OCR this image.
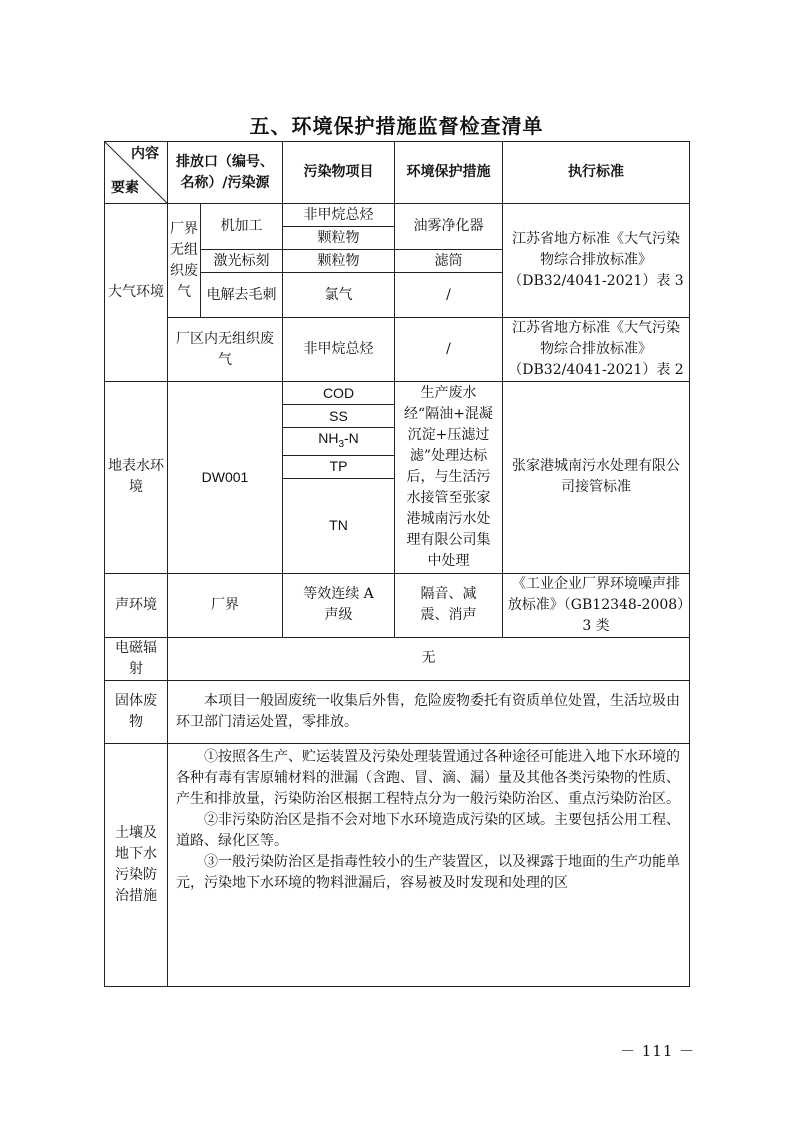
五、环境保护措施监督检查清单
内容
要素	排放口（编号、名称）/污染源		污染物项目	环境保护措施	执行标准
大气环境	厂界无组织废气	机加工	非甲烷总烃	油雾净化器	江苏省地方标准《大气污染物综合排放标准》（DB32/4041-2021）表 3
			颗粒物		
		激光标刻	颗粒物	滤筒	
		电解去毛刺	氯气	/	
	厂区内无组织废气		非甲烷总烃	/	江苏省地方标准《大气污染物综合排放标准》（DB32/4041-2021）表 2
地表水环境	DW001		COD	生产废水经“隔油+混凝沉淀+压滤过滤”处理达标后，与生活污水接管至张家港城南污水处理有限公司集中处理	张家港城南污水处理有限公司接管标准
			SS		
			$NH_3-N$		
			TP		
			TN		
声环境	厂界		等效连续 A 声级	隔音、减震、消声	《工业企业厂界环境噪声排放标准》（GB12348-2008）3 类
电磁辐射	无				
固体废物	本项目一般固废统一收集后外售，危险废物委托有资质单位处置，生活垃圾由环卫部门清运处置，零排放。				

土壤及地下水污染防治措施	①按照各生产、贮运装置及污染处理装置通过各种途径可能进入地下水环境的各种有毒有害原辅材料的泄漏（含跑、冒、滴、漏）量及其他各类污染物的性质、产生和排放量，污染防治区根据工程特点分为一般污染防治区、重点污染防治区。

②非污染防治区是指不会对地下水环境造成污染的区域。主要包括公用工程、道路、绿化区等。

③一般污染防治区是指毒性较小的生产装置区，以及裸露于地面的生产功能单元，污染地下水环境的物料泄漏后，容易被及时发现和处理的区				

－ 111 －
